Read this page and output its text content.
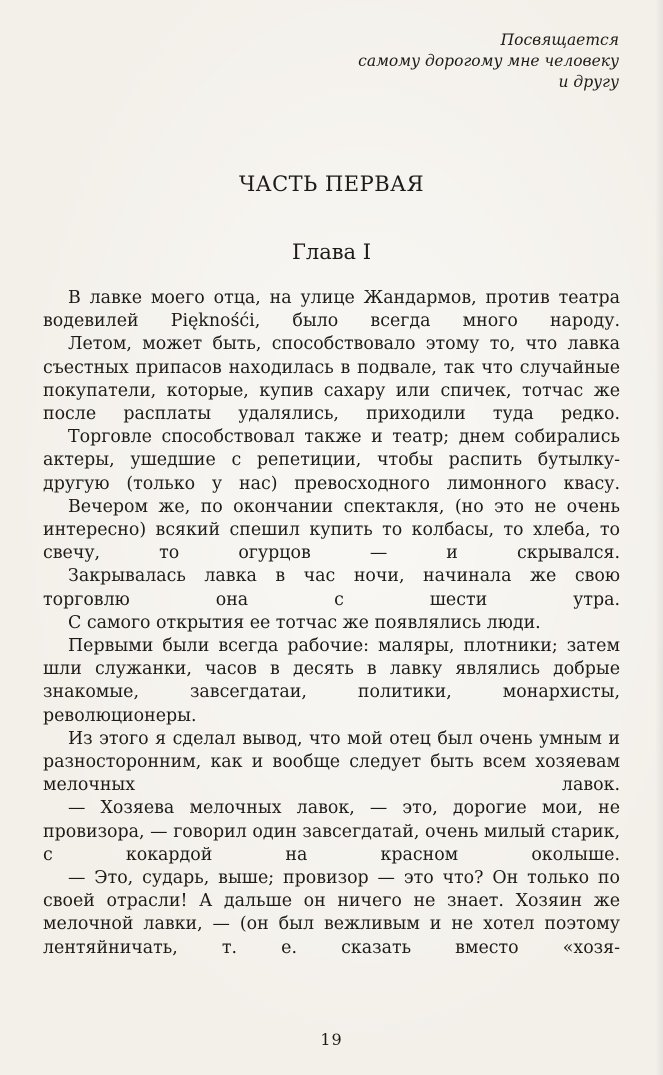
Посвящается
самому дорогому мне человеку
и другу
ЧАСТЬ ПЕРВАЯ
Глава I

В лавке моего отца, на улице Жандармов, против театра водевилей Pięknośći, было всегда много народу.

Летом, может быть, способствовало этому то, что лавка съестных припасов находилась в подвале, так что случайные покупатели, которые, купив сахару или спичек, тотчас же после расплаты удалялись, приходили туда редко.

Торговле способствовал также и театр; днем собирались актеры, ушедшие с репетиции, чтобы распить бутылку-другую (только у нас) превосходного лимонного квасу.

Вечером же, по окончании спектакля, (но это не очень интересно) всякий спешил купить то колбасы, то хлеба, то свечу, то огурцов — и скрывался.

Закрывалась лавка в час ночи, начинала же свою торговлю она с шести утра.

С самого открытия ее тотчас же появлялись люди.

Первыми были всегда рабочие: маляры, плотники; затем шли служанки, часов в десять в лавку являлись добрые знакомые, завсегдатаи, политики, монархисты, революционеры.

Из этого я сделал вывод, что мой отец был очень умным и разносторонним, как и вообще следует быть всем хозяевам мелочных лавок.

— Хозяева мелочных лавок, — это, дорогие мои, не провизора, — говорил один завсегдатай, очень милый старик, с кокардой на красном околыше.

— Это, сударь, выше; провизор — это что? Он только по своей отрасли! А дальше он ничего не знает. Хозяин же мелочной лавки, — (он был вежливым и не хотел поэтому лентяйничать, т. е. сказать вместо «хозя-

19
